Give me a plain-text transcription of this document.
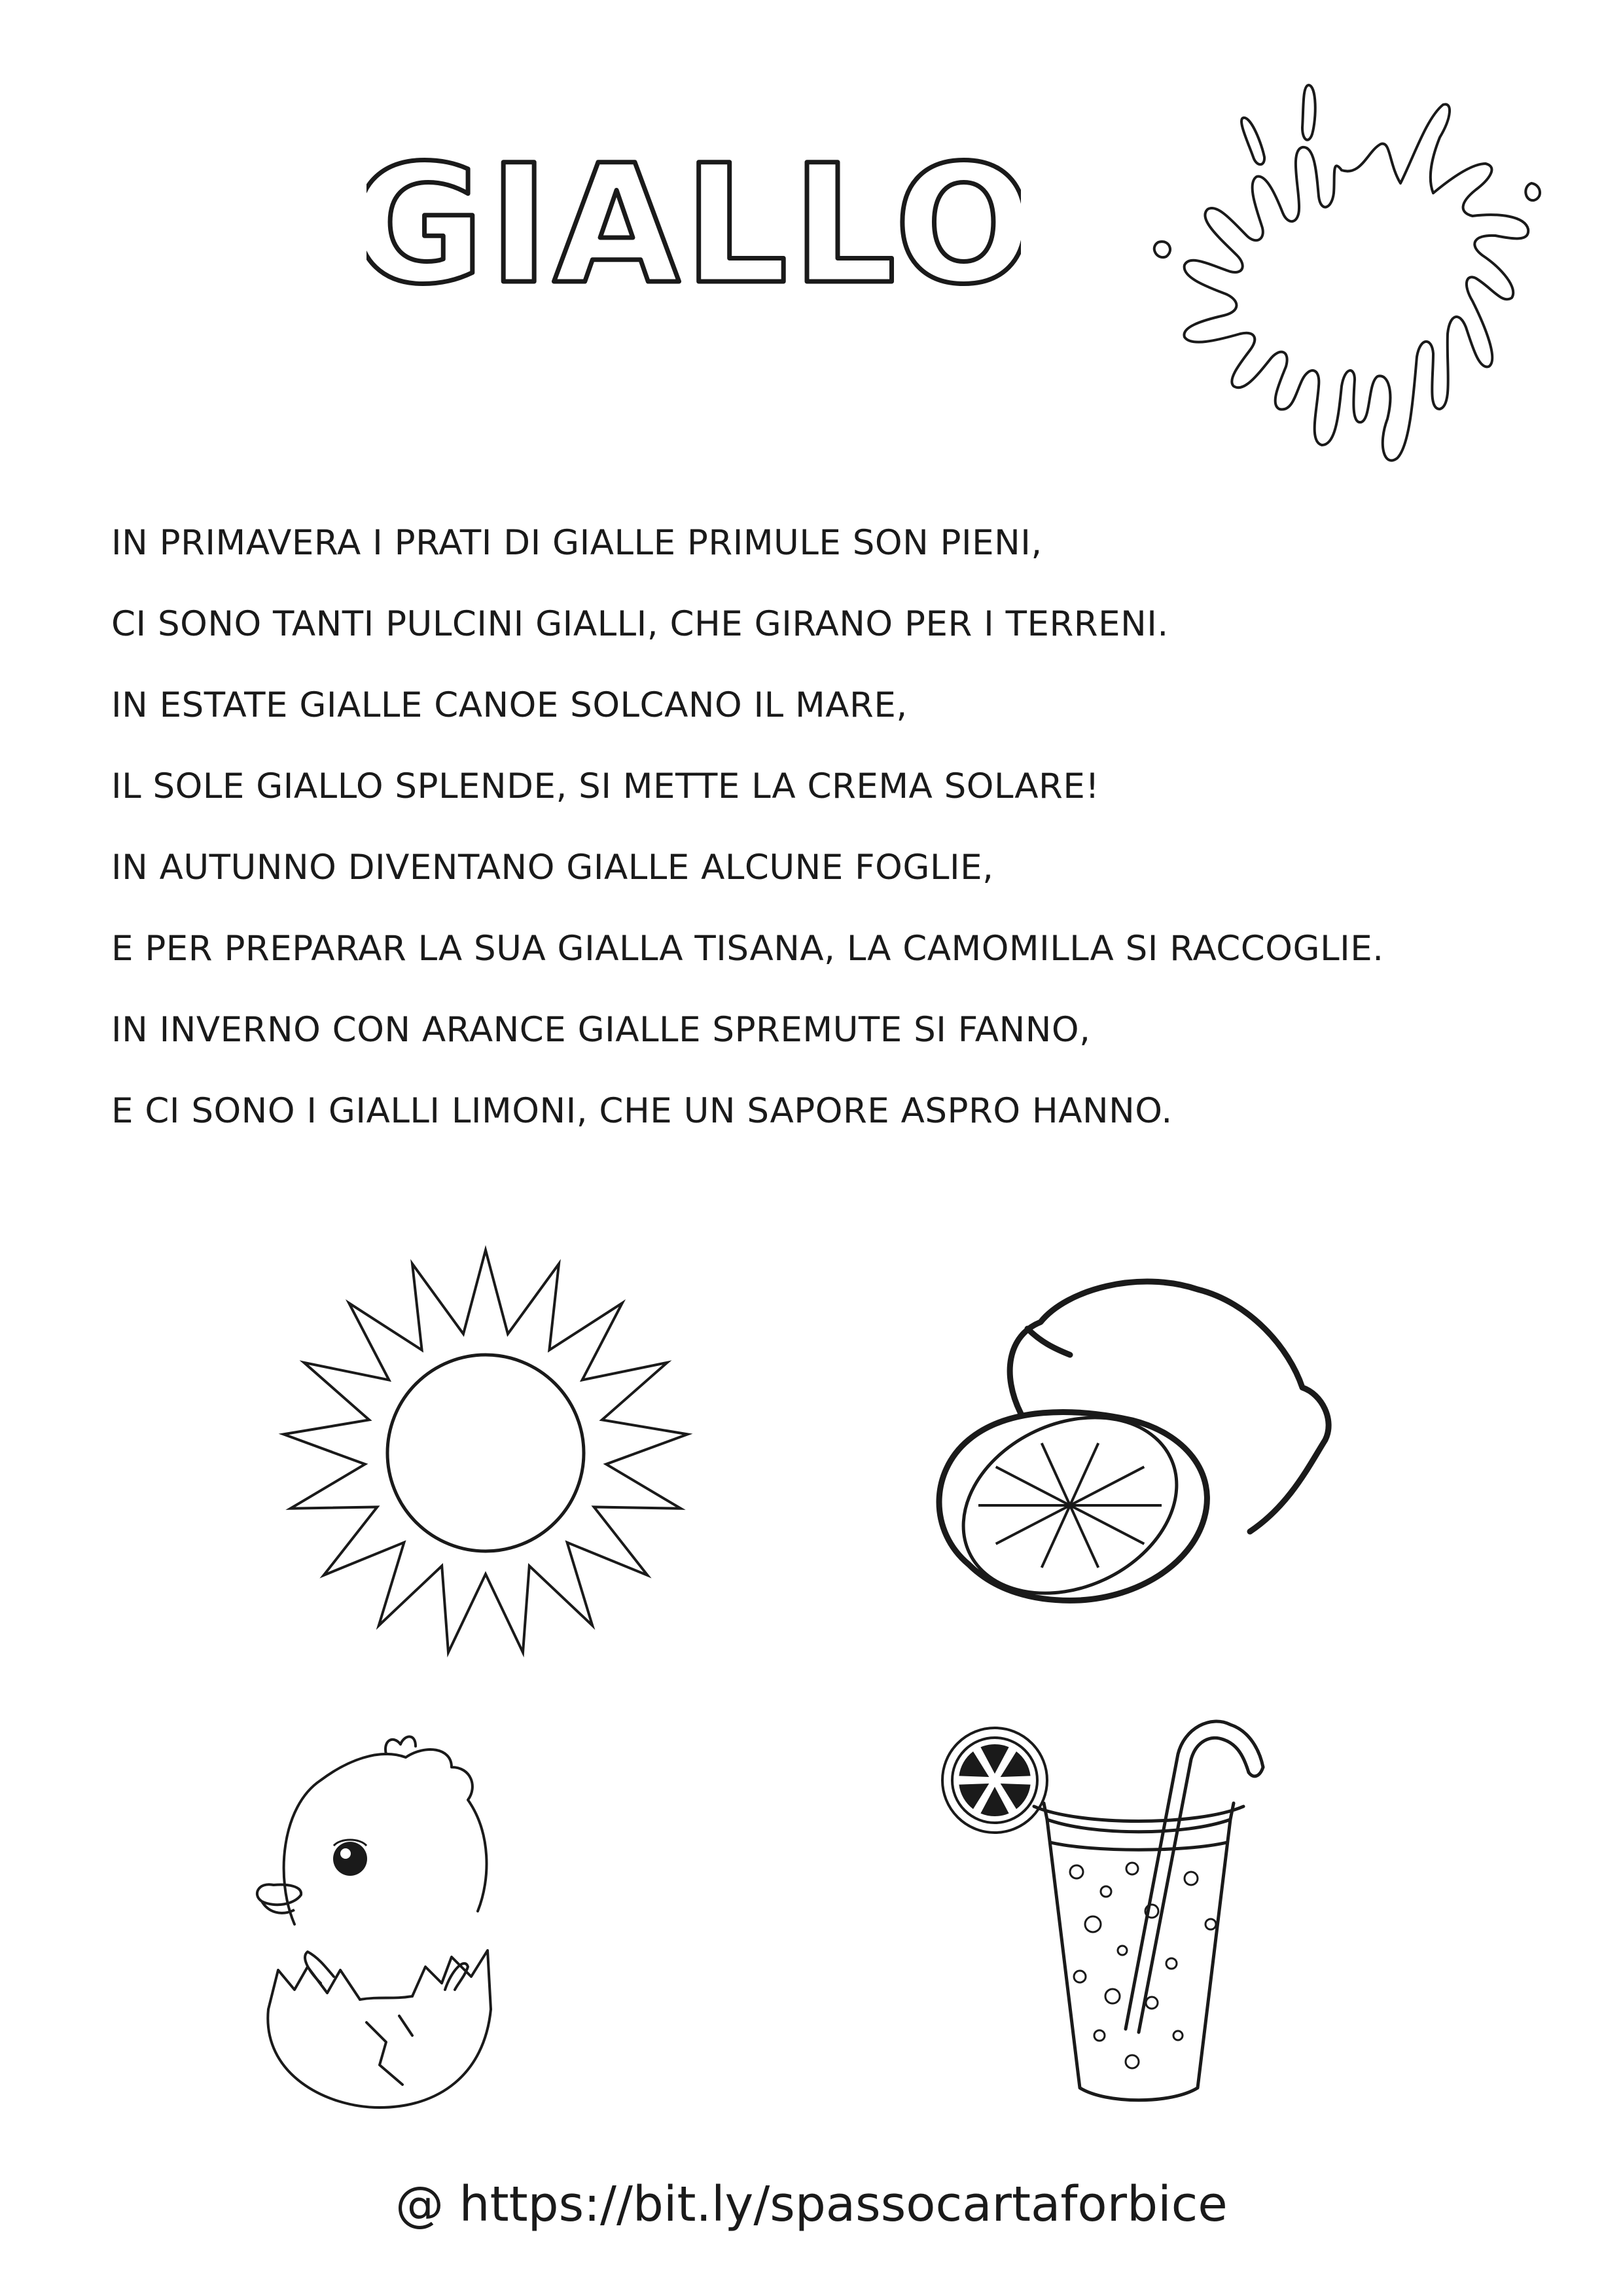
GIALLO
IN PRIMAVERA I PRATI DI GIALLE PRIMULE SON PIENI,
CI SONO TANTI PULCINI GIALLI, CHE GIRANO PER I TERRENI.
IN ESTATE GIALLE CANOE SOLCANO IL MARE,
IL SOLE GIALLO SPLENDE, SI METTE LA CREMA SOLARE!
IN AUTUNNO DIVENTANO GIALLE ALCUNE FOGLIE,
E PER PREPARAR LA SUA GIALLA TISANA, LA CAMOMILLA SI RACCOGLIE.
IN INVERNO CON ARANCE GIALLE SPREMUTE SI FANNO,
E CI SONO I GIALLI LIMONI, CHE UN SAPORE ASPRO HANNO.
@ https://bit.ly/spassocartaforbice
